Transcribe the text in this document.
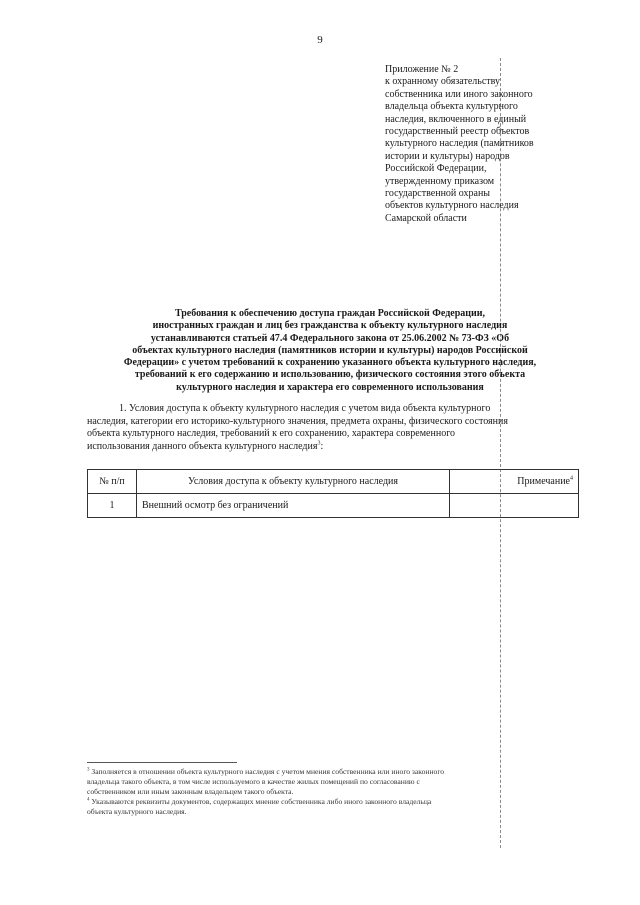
9
Приложение № 2
к охранному обязательству
собственника или иного законного
владельца объекта культурного
наследия, включенного в единый
государственный реестр объектов
культурного наследия (памятников
истории и культуры) народов
Российской Федерации,
утвержденному приказом
государственной охраны
объектов культурного наследия
Самарской области
Требования к обеспечению доступа граждан Российской Федерации,
иностранных граждан и лиц без гражданства к объекту культурного наследия
устанавливаются статьей 47.4 Федерального закона от 25.06.2002 № 73-ФЗ «Об
объектах культурного наследия (памятников истории и культуры) народов Российской
Федерации» с учетом требований к сохранению указанного объекта культурного наследия,
требований к его содержанию и использованию, физического состояния этого объекта
культурного наследия и характера его современного использования
1. Условия доступа к объекту культурного наследия с учетом вида объекта культурного
наследия, категории его историко-культурного значения, предмета охраны, физического состояния
объекта культурного наследия, требований к его сохранению, характера современного
использования данного объекта культурного наследия$^3$:
№ п/п	Условия доступа к объекту культурного наследия	Примечание$^4$
1	Внешний осмотр без ограничений	
$^3$ Заполняется в отношении объекта культурного наследия с учетом мнения собственника или иного законного
владельца такого объекта, в том числе используемого в качестве жилых помещений по согласованию с
собственником или иным законным владельцем такого объекта.
$^4$ Указываются реквизиты документов, содержащих мнение собственника либо иного законного владельца
объекта культурного наследия.
